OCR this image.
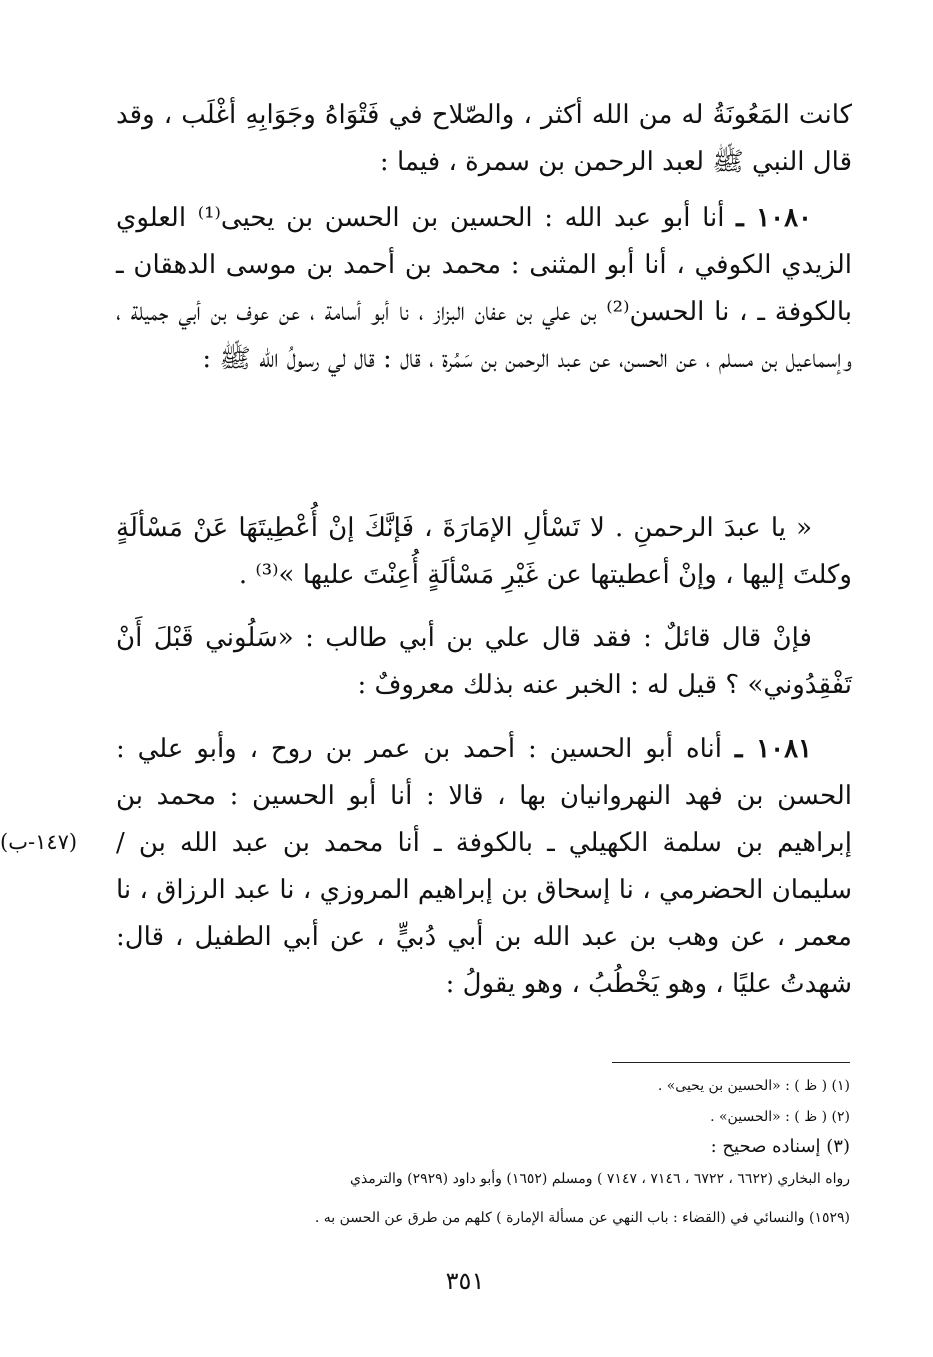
كانت المَعُونَةُ له من الله أكثر ، والصّلاح في فَتْوَاهُ وجَوَابِهِ أغْلَب ، وقد قال النبي ﷺ لعبد الرحمن بن سمرة ، فيما :

١٠٨٠ ـ أنا أبو عبد الله : الحسين بن الحسن بن يحيى⁽¹⁾ العلوي الزيدي الكوفي ، أنا أبو المثنى : محمد بن أحمد بن موسى الدهقان ـ بالكوفة ـ ، نا الحسن⁽²⁾ بن علي بن عفان البزاز ، نا أبو أسامة ، عن عوف بن أبي جميلة ، وإسماعيل بن مسلم ، عن الحسن، عن عبد الرحمن بن سَمُرة ، قال : قال لي رسولُ الله ﷺ :

« يا عبدَ الرحمنِ . لا تَسْألِ الإمَارَةَ ، فَإنَّكَ إنْ أُعْطِيتَهَا عَنْ مَسْألَةٍ وكلتَ إليها ، وإنْ أعطيتها عن غَيْرِ مَسْألَةٍ أُعِنْتَ عليها »⁽³⁾ .

فإنْ قال قائلٌ : فقد قال علي بن أبي طالب : «سَلُوني قَبْلَ أَنْ تَفْقِدُوني» ؟ قيل له : الخبر عنه بذلك معروفٌ :

١٠٨١ ـ أناه أبو الحسين : أحمد بن عمر بن روح ، وأبو علي : الحسن بن فهد النهروانيان بها ، قالا : أنا أبو الحسين : محمد بن إبراهيم بن سلمة الكهيلي ـ بالكوفة ـ أنا محمد بن عبد الله بن / سليمان الحضرمي ، نا إسحاق بن إبراهيم المروزي ، نا عبد الرزاق ، نا معمر ، عن وهب بن عبد الله بن أبي دُبيٍّ ، عن أبي الطفيل ، قال: شهدتُ عليًا ، وهو يَخْطُبُ ، وهو يقولُ :

(١٤٧-ب)

(١) ( ظ ) : «الحسين بن يحيى» .

(٢) ( ظ ) : «الحسين» .

(٣) إسناده صحيح :

رواه البخاري (٦٦٢٢ ، ٦٧٢٢ ، ٧١٤٦ ، ٧١٤٧ ) ومسلم (١٦٥٢) وأبو داود (٢٩٢٩) والترمذي

(١٥٢٩) والنسائي في (القضاء : باب النهي عن مسألة الإمارة ) كلهم من طرق عن الحسن به .

٣٥١
